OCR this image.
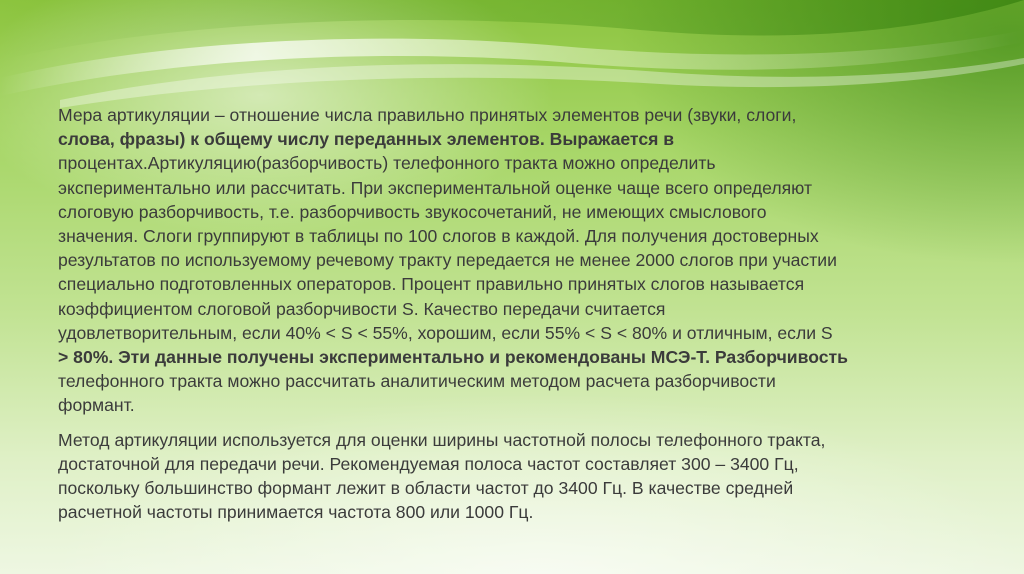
Мера артикуляции – отношение числа правильно принятых элементов речи (звуки, слоги,
слова, фразы) к общему числу переданных элементов. Выражается в
процентах.Артикуляцию(разборчивость) телефонного тракта можно определить
экспериментально или рассчитать. При экспериментальной оценке чаще всего определяют
слоговую разборчивость, т.е. разборчивость звукосочетаний, не имеющих смыслового
значения. Слоги группируют в таблицы по 100 слогов в каждой. Для получения достоверных
результатов по используемому речевому тракту передается не менее 2000 слогов при участии
специально подготовленных операторов. Процент правильно принятых слогов называется
коэффициентом слоговой разборчивости S. Качество передачи считается
удовлетворительным, если 40% < S < 55%, хорошим, если 55% < S < 80% и отличным, если S
> 80%. Эти данные получены экспериментально и рекомендованы МСЭ-Т. Разборчивость
телефонного тракта можно рассчитать аналитическим методом расчета разборчивости
формант.

Метод артикуляции используется для оценки ширины частотной полосы телефонного тракта,
достаточной для передачи речи. Рекомендуемая полоса частот составляет 300 – 3400 Гц,
поскольку большинство формант лежит в области частот до 3400 Гц. В качестве средней
расчетной частоты принимается частота 800 или 1000 Гц.
